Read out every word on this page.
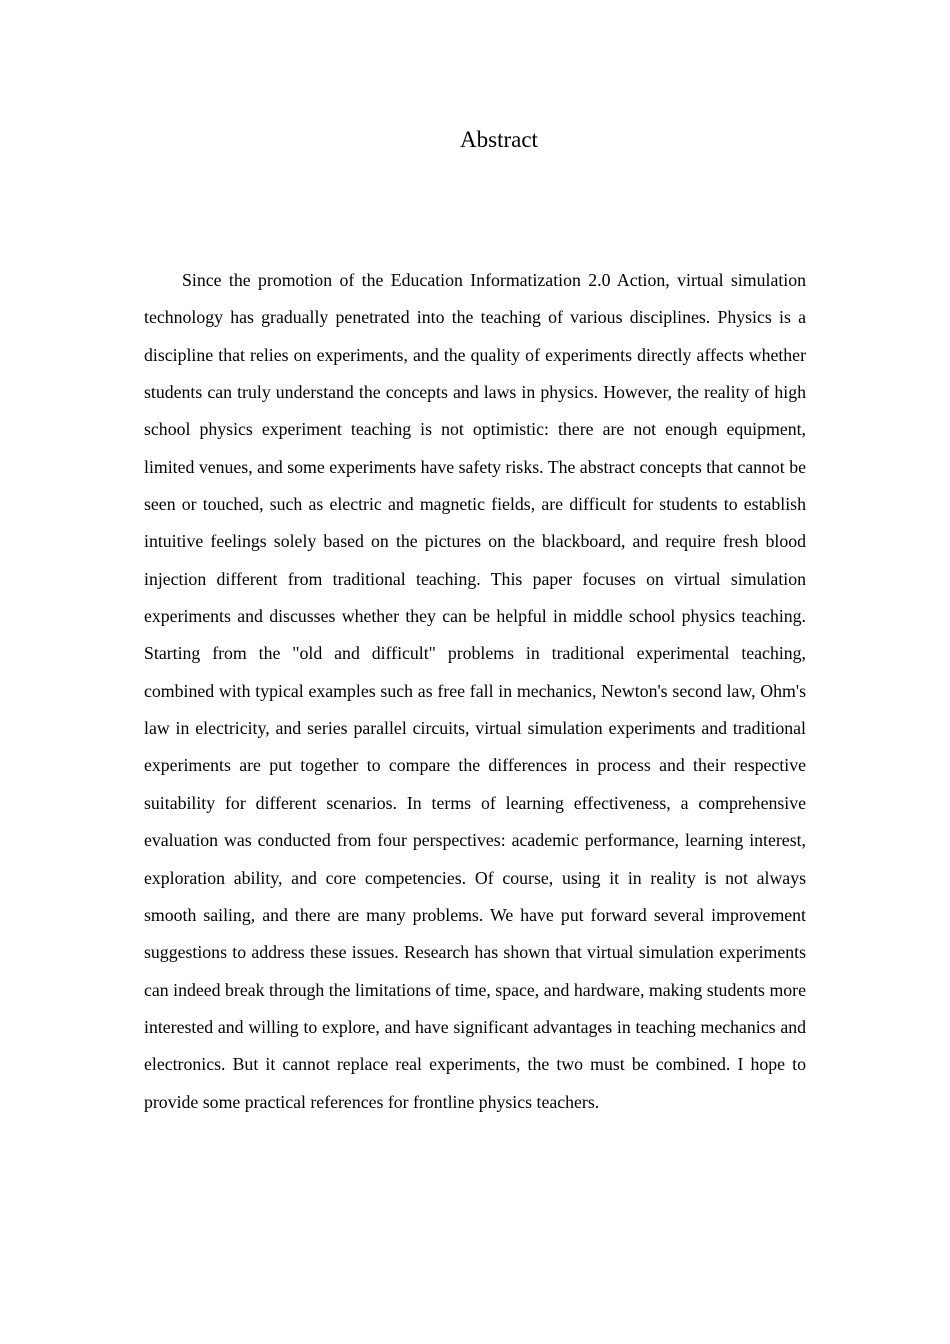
Abstract

Since the promotion of the Education Informatization 2.0 Action, virtual simulation technology has gradually penetrated into the teaching of various disciplines. Physics is a discipline that relies on experiments, and the quality of experiments directly affects whether students can truly understand the concepts and laws in physics. However, the reality of high school physics experiment teaching is not optimistic: there are not enough equipment, limited venues, and some experiments have safety risks. The abstract concepts that cannot be seen or touched, such as electric and magnetic fields, are difficult for students to establish intuitive feelings solely based on the pictures on the blackboard, and require fresh blood injection different from traditional teaching. This paper focuses on virtual simulation experiments and discusses whether they can be helpful in middle school physics teaching. Starting from the "old and difficult" problems in traditional experimental teaching, combined with typical examples such as free fall in mechanics, Newton's second law, Ohm's law in electricity, and series parallel circuits, virtual simulation experiments and traditional experiments are put together to compare the differences in process and their respective suitability for different scenarios. In terms of learning effectiveness, a comprehensive evaluation was conducted from four perspectives: academic performance, learning interest, exploration ability, and core competencies. Of course, using it in reality is not always smooth sailing, and there are many problems. We have put forward several improvement suggestions to address these issues. Research has shown that virtual simulation experiments can indeed break through the limitations of time, space, and hardware, making students more interested and willing to explore, and have significant advantages in teaching mechanics and electronics. But it cannot replace real experiments, the two must be combined. I hope to provide some practical references for frontline physics teachers.
